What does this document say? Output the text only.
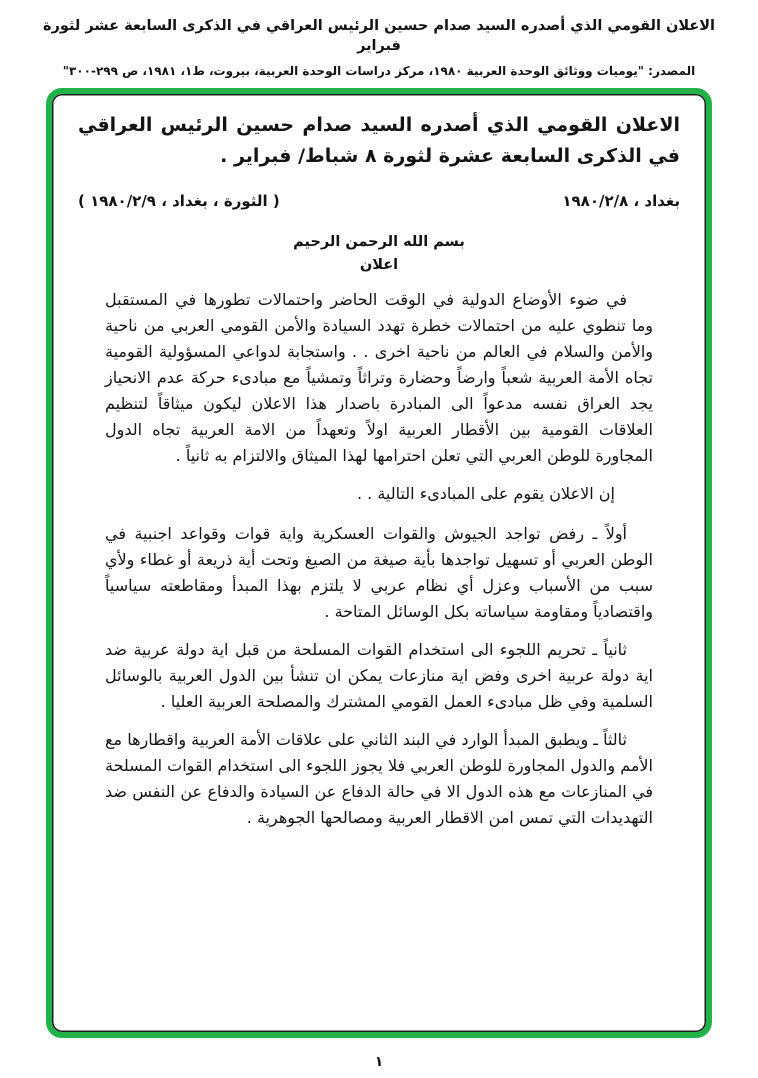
الاعلان القومي الذي أصدره السيد صدام حسين الرئيس العراقي في الذكرى السابعة عشر لثورة فبراير
المصدر: "يوميات ووثائق الوحدة العربية ١٩٨٠، مركز دراسات الوحدة العربية، بيروت، ط١، ١٩٨١، ص ٢٩٩-٣٠٠"
الاعلان القومي الذي أصدره السيد صدام حسين الرئيس العراقي في الذكرى السابعة عشرة لثورة ٨ شباط/ فبراير .
بغداد ، ١٩٨٠/٢/٨
( الثورة ، بغداد ، ١٩٨٠/٢/٩ )
بسم الله الرحمن الرحيم
اعلان

في ضوء الأوضاع الدولية في الوقت الحاضر واحتمالات تطورها في المستقبل وما تنطوي عليه من احتمالات خطرة تهدد السيادة والأمن القومي العربي من ناحية والأمن والسلام في العالم من ناحية اخرى . . واستجابة لدواعي المسؤولية القومية تجاه الأمة العربية شعباً وارضاً وحضارة وتراثاً وتمشياً مع مبادىء حركة عدم الانحياز يجد العراق نفسه مدعواً الى المبادرة باصدار هذا الاعلان ليكون ميثاقاً لتنظيم العلاقات القومية بين الأقطار العربية اولاً وتعهداً من الامة العربية تجاه الدول المجاورة للوطن العربي التي تعلن احترامها لهذا الميثاق والالتزام به ثانياً .

إن الاعلان يقوم على المبادىء التالية . .

أولاً ـ رفض تواجد الجيوش والقوات العسكرية واية قوات وقواعد اجنبية في الوطن العربي أو تسهيل تواجدها بأية صيغة من الصيغ وتحت أية ذريعة أو غطاء ولأي سبب من الأسباب وعزل أي نظام عربي لا يلتزم بهذا المبدأ ومقاطعته سياسياً واقتصادياً ومقاومة سياساته بكل الوسائل المتاحة .

ثانياً ـ تحريم اللجوء الى استخدام القوات المسلحة من قبل اية دولة عربية ضد اية دولة عربية اخرى وفض اية منازعات يمكن ان تنشأ بين الدول العربية بالوسائل السلمية وفي ظل مبادىء العمل القومي المشترك والمصلحة العربية العليا .

ثالثاً ـ ويطبق المبدأ الوارد في البند الثاني على علاقات الأمة العربية واقطارها مع الأمم والدول المجاورة للوطن العربي فلا يجوز اللجوء الى استخدام القوات المسلحة في المنازعات مع هذه الدول الا في حالة الدفاع عن السيادة والدفاع عن النفس ضد التهديدات التي تمس امن الاقطار العربية ومصالحها الجوهرية .

١
